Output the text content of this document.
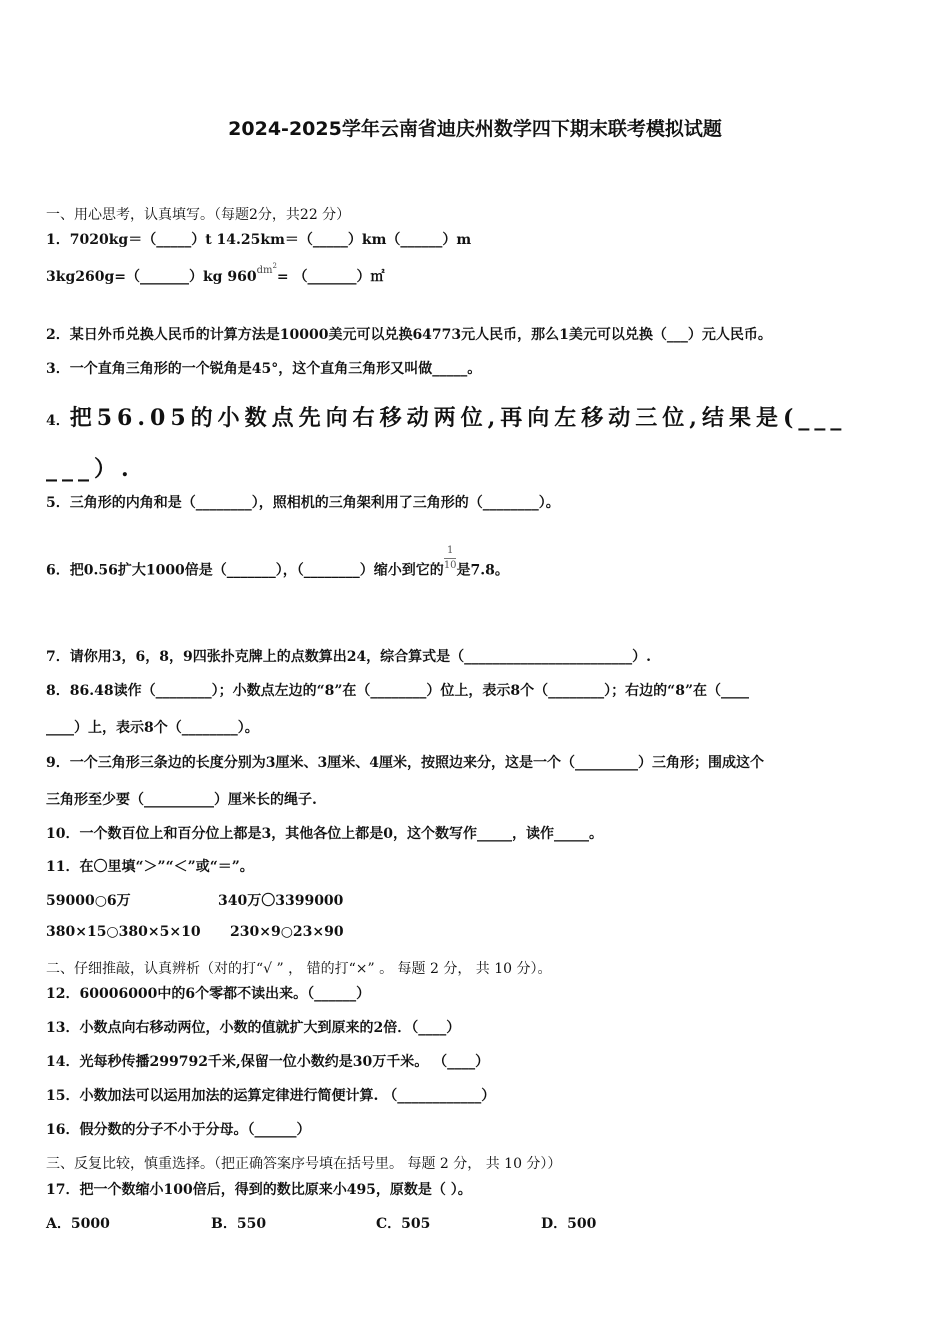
2024-2025学年云南省迪庆州数学四下期末联考模拟试题
一、用心思考，认真填写。（每题2分，共22 分）
1．7020kg＝（_____）t 14.25km＝（_____）km（______）m
3kg260g=（_______）kg $960^{dm^2}=$ （_______）㎡
2．某日外币兑换人民币的计算方法是10000美元可以兑换64773元人民币，那么1美元可以兑换（___）元人民币。
3．一个直角三角形的一个锐角是45°，这个直角三角形又叫做_____。
4．把56.05的小数点先向右移动两位,再向左移动三位,结果是(___
___）.
5．三角形的内角和是（________），照相机的三角架利用了三角形的（________）。
6．把0.56扩大1000倍是（_______），（________）缩小到它的$\frac{1}{10}$是7.8。
7．请你用3，6，8，9四张扑克牌上的点数算出24，综合算式是（________________________）.
8．86.48读作（________）；小数点左边的“8”在（________）位上，表示8个（________）；右边的“8”在（____
____）上，表示8个（________）。
9．一个三角形三条边的长度分别为3厘米、3厘米、4厘米，按照边来分，这是一个（_________）三角形；围成这个
三角形至少要（__________）厘米长的绳子.
10．一个数百位上和百分位上都是3，其他各位上都是0，这个数写作_____，读作_____。
11．在〇里填“＞”“＜”或“＝”。
59000○6万	340万〇3399000
380×15○380×5×10 230×9○23×90
二、仔细推敲，认真辨析（对的打“√ ” ， 错的打“×” 。 每题 2 分， 共 10 分）。
12．60006000中的6个零都不读出来。（______）
13．小数点向右移动两位，小数的值就扩大到原来的2倍．（____）
14．光每秒传播299792千米,保留一位小数约是30万千米。 （____）
15．小数加法可以运用加法的运算定律进行简便计算. （____________）
16．假分数的分子不小于分母。（______）
三、反复比较，慎重选择。（把正确答案序号填在括号里。 每题 2 分， 共 10 分））
17．把一个数缩小100倍后，得到的数比原来小495，原数是（ ）。
A．5000	B．550	C．505	D．500
